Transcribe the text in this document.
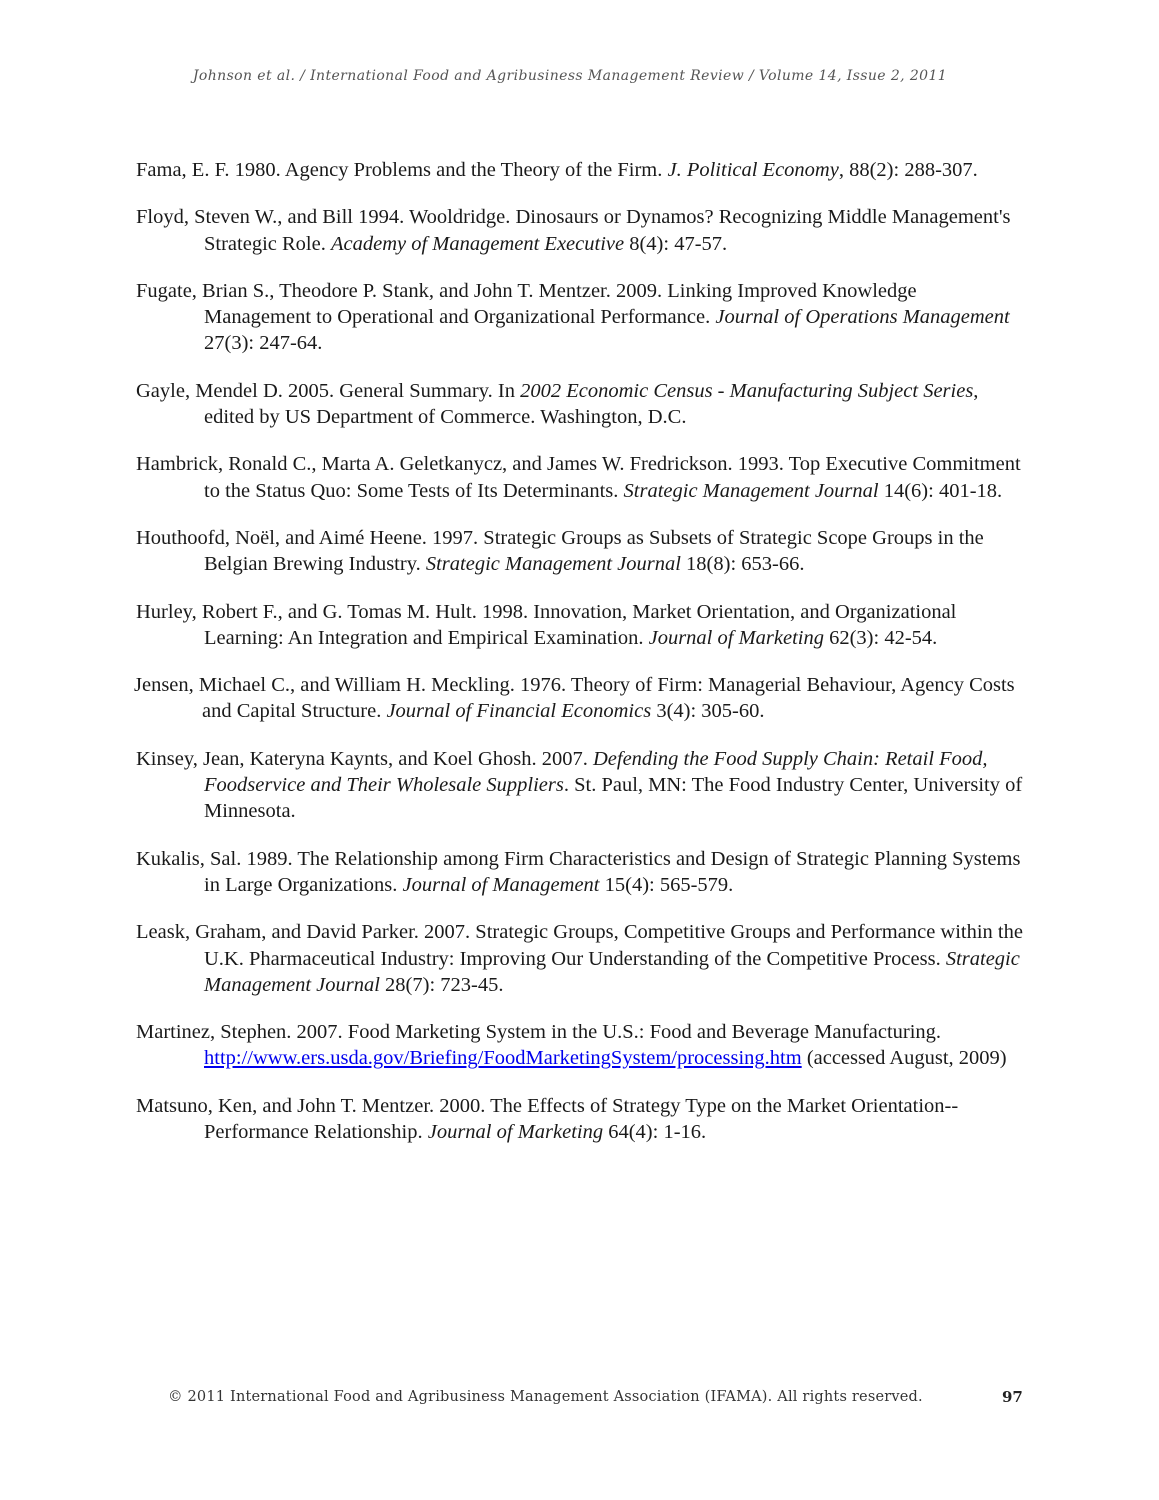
Johnson et al. / International Food and Agribusiness Management Review / Volume 14, Issue 2, 2011

Fama, E. F. 1980. Agency Problems and the Theory of the Firm. J. Political Economy, 88(2): 288-307.

Floyd, Steven W., and Bill 1994. Wooldridge. Dinosaurs or Dynamos? Recognizing Middle Management's Strategic Role. Academy of Management Executive 8(4): 47-57.

Fugate, Brian S., Theodore P. Stank, and John T. Mentzer. 2009. Linking Improved Knowledge Management to Operational and Organizational Performance. Journal of Operations Management 27(3): 247-64.

Gayle, Mendel D. 2005. General Summary. In 2002 Economic Census - Manufacturing Subject Series, edited by US Department of Commerce. Washington, D.C.

Hambrick, Ronald C., Marta A. Geletkanycz, and James W. Fredrickson. 1993. Top Executive Commitment to the Status Quo: Some Tests of Its Determinants. Strategic Management Journal 14(6): 401-18.

Houthoofd, Noël, and Aimé Heene. 1997. Strategic Groups as Subsets of Strategic Scope Groups in the Belgian Brewing Industry. Strategic Management Journal 18(8): 653-66.

Hurley, Robert F., and G. Tomas M. Hult. 1998. Innovation, Market Orientation, and Organizational Learning: An Integration and Empirical Examination. Journal of Marketing 62(3): 42-54.

Jensen, Michael C., and William H. Meckling. 1976. Theory of Firm: Managerial Behaviour, Agency Costs and Capital Structure. Journal of Financial Economics 3(4): 305-60.

Kinsey, Jean, Kateryna Kaynts, and Koel Ghosh. 2007. Defending the Food Supply Chain: Retail Food, Foodservice and Their Wholesale Suppliers. St. Paul, MN: The Food Industry Center, University of Minnesota.

Kukalis, Sal. 1989. The Relationship among Firm Characteristics and Design of Strategic Planning Systems in Large Organizations. Journal of Management 15(4): 565-579.

Leask, Graham, and David Parker. 2007. Strategic Groups, Competitive Groups and Performance within the U.K. Pharmaceutical Industry: Improving Our Understanding of the Competitive Process. Strategic Management Journal 28(7): 723-45.

Martinez, Stephen. 2007. Food Marketing System in the U.S.: Food and Beverage Manufacturing. http://www.ers.usda.gov/Briefing/FoodMarketingSystem/processing.htm (accessed August, 2009)

Matsuno, Ken, and John T. Mentzer. 2000. The Effects of Strategy Type on the Market Orientation--Performance Relationship. Journal of Marketing 64(4): 1-16.

© 2011 International Food and Agribusiness Management Association (IFAMA). All rights reserved.	97
